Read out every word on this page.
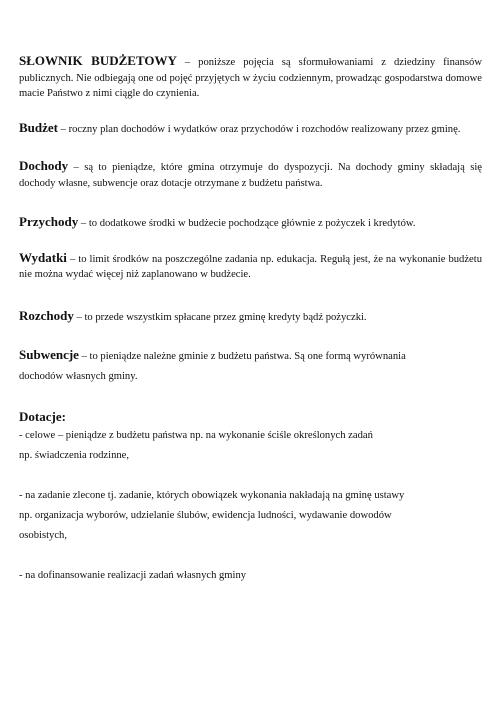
SŁOWNIK BUDŻETOWY – poniższe pojęcia są sformułowaniami z dziedziny finansów publicznych. Nie odbiegają one od pojęć przyjętych w życiu codziennym, prowadząc gospodarstwa domowe macie Państwo z nimi ciągle do czynienia.
Budżet – roczny plan dochodów i wydatków oraz przychodów i rozchodów realizowany przez gminę.
Dochody – są to pieniądze, które gmina otrzymuje do dyspozycji. Na dochody gminy składają się dochody własne, subwencje oraz dotacje otrzymane z budżetu państwa.
Przychody – to dodatkowe środki w budżecie pochodzące głównie z pożyczek i kredytów.
Wydatki – to limit środków na poszczególne zadania np. edukacja. Regułą jest, że na wykonanie budżetu nie można wydać więcej niż zaplanowano w budżecie.
Rozchody – to przede wszystkim spłacane przez gminę kredyty bądź pożyczki.
Subwencje – to pieniądze należne gminie z budżetu państwa. Są one formą wyrównania
dochodów własnych gminy.
Dotacje:
- celowe – pieniądze z budżetu państwa np. na wykonanie ściśle określonych zadań
np. świadczenia rodzinne,
- na zadanie zlecone tj. zadanie, których obowiązek wykonania nakładają na gminę ustawy
np. organizacja wyborów, udzielanie ślubów, ewidencja ludności, wydawanie dowodów
osobistych,
- na dofinansowanie realizacji zadań własnych gminy
